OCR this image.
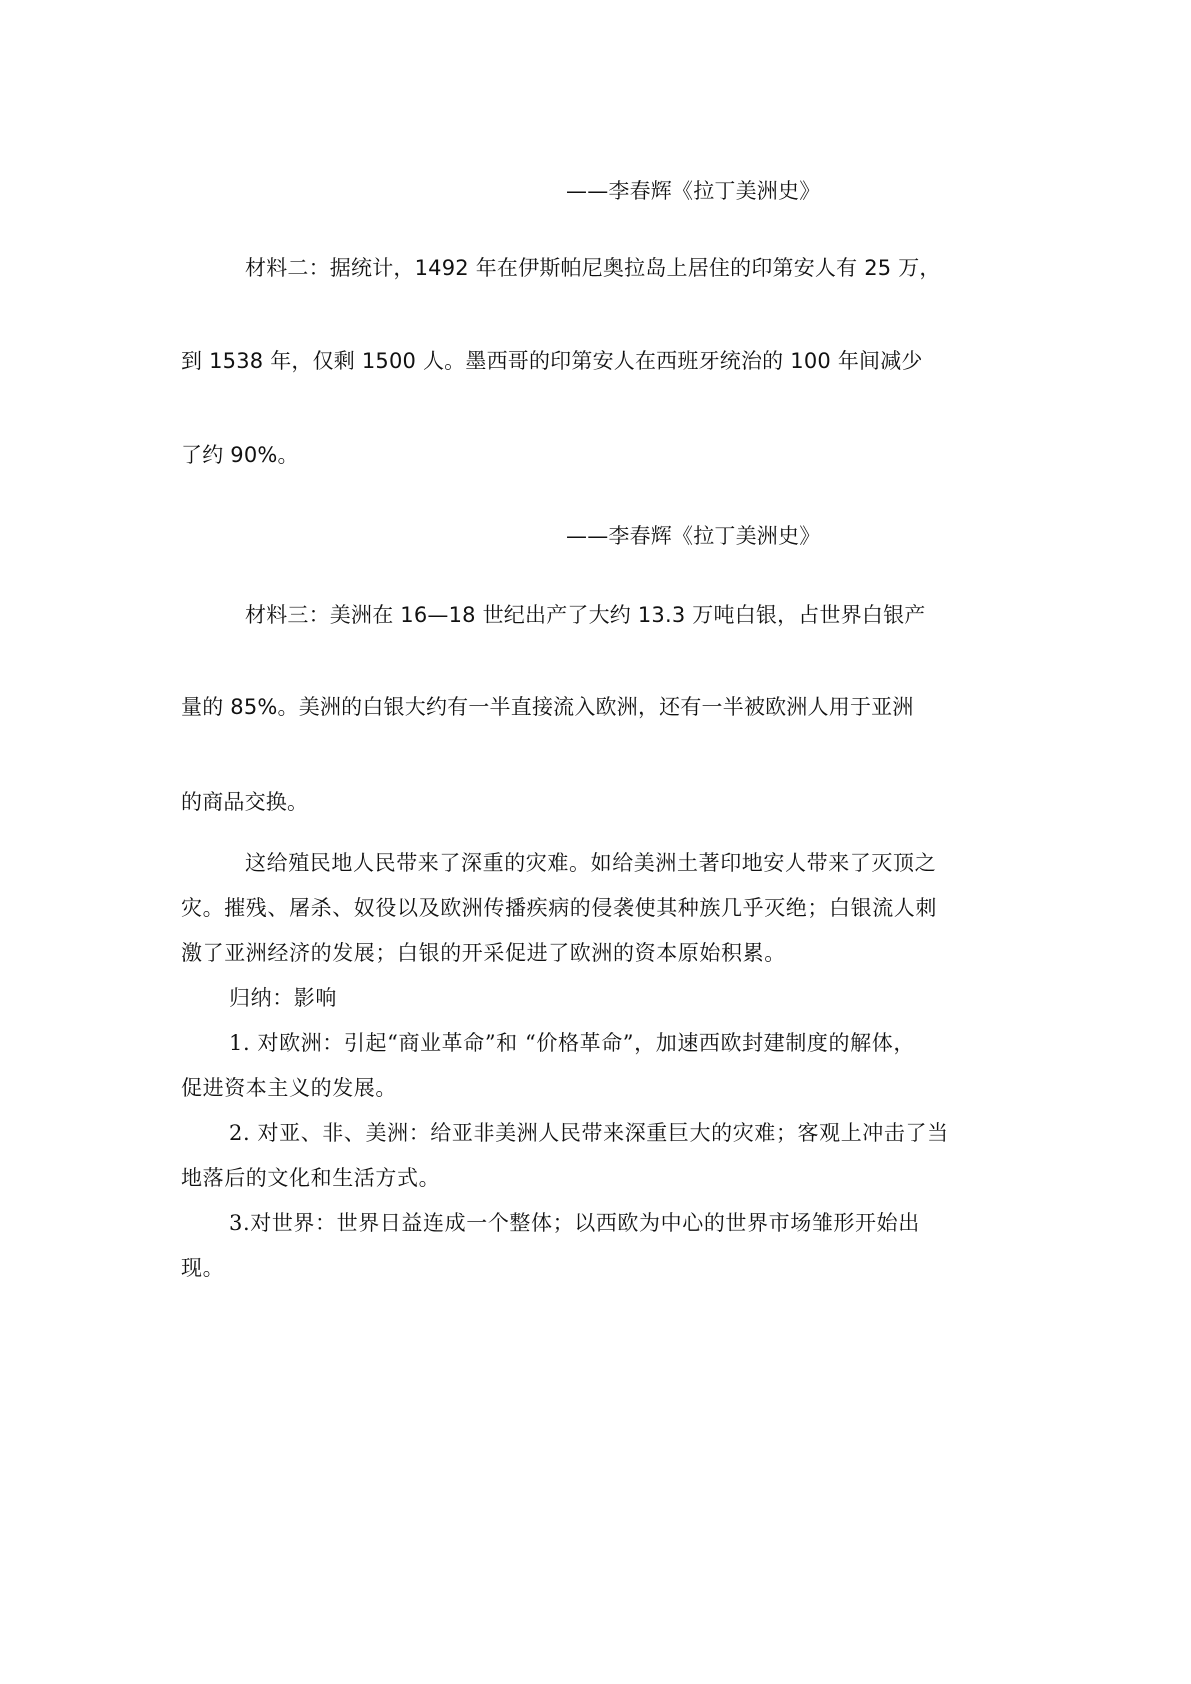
——李春辉《拉丁美洲史》
材料二：据统计，1492 年在伊斯帕尼奥拉岛上居住的印第安人有 25 万，
到 1538 年，仅剩 1500 人。墨西哥的印第安人在西班牙统治的 100 年间减少
了约 90%。
——李春辉《拉丁美洲史》
材料三：美洲在 16—18 世纪出产了大约 13.3 万吨白银，占世界白银产
量的 85%。美洲的白银大约有一半直接流入欧洲，还有一半被欧洲人用于亚洲
的商品交换。
这给殖民地人民带来了深重的灾难。如给美洲土著印地安人带来了灭顶之
灾。摧残、屠杀、奴役以及欧洲传播疾病的侵袭使其种族几乎灭绝；白银流人刺
激了亚洲经济的发展；白银的开采促进了欧洲的资本原始积累。
归纳：影响
1. 对欧洲：引起“商业革命”和 “价格革命”，加速西欧封建制度的解体，
促进资本主义的发展。
2. 对亚、非、美洲：给亚非美洲人民带来深重巨大的灾难；客观上冲击了当
地落后的文化和生活方式。
3.对世界：世界日益连成一个整体；以西欧为中心的世界市场雏形开始出
现。
